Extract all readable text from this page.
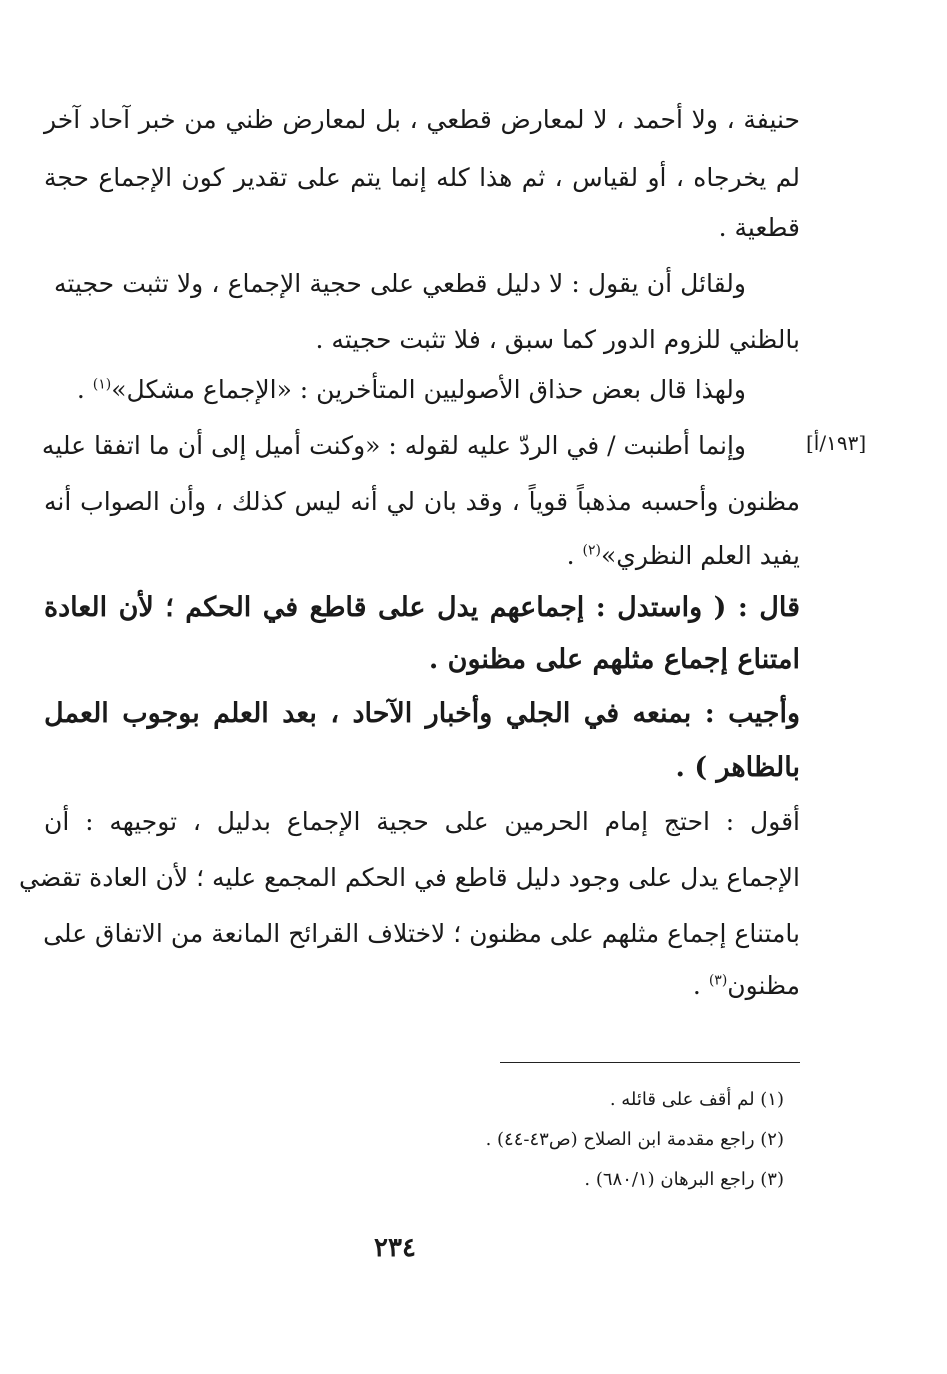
حنيفة ، ولا أحمد ، لا لمعارض قطعي ، بل لمعارض ظني من خبر آحاد آخر
لم يخرجاه ، أو لقياس ، ثم هذا كله إنما يتم على تقدير كون الإجماع حجة
قطعية .
ولقائل أن يقول : لا دليل قطعي على حجية الإجماع ، ولا تثبت حجيته
بالظني للزوم الدور كما سبق ، فلا تثبت حجيته .
ولهذا قال بعض حذاق الأصوليين المتأخرين : «الإجماع مشكل»$^{(١)}$ .
[١٩٣/أ]
وإنما أطنبت / في الردّ عليه لقوله : «وكنت أميل إلى أن ما اتفقا عليه
مظنون وأحسبه مذهباً قوياً ، وقد بان لي أنه ليس كذلك ، وأن الصواب أنه
يفيد العلم النظري»$^{(٢)}$ .
قال : ( واستدل : إجماعهم يدل على قاطع في الحكم ؛ لأن العادة
امتناع إجماع مثلهم على مظنون .
وأجيب : بمنعه في الجلي وأخبار الآحاد ، بعد العلم بوجوب العمل
بالظاهر ) .
أقول : احتج إمام الحرمين على حجية الإجماع بدليل ، توجيهه : أن
الإجماع يدل على وجود دليل قاطع في الحكم المجمع عليه ؛ لأن العادة تقضي
بامتناع إجماع مثلهم على مظنون ؛ لاختلاف القرائح المانعة من الاتفاق على
مظنون$^{(٣)}$ .
(١) لم أقف على قائله .
(٢) راجع مقدمة ابن الصلاح (ص٤٣-٤٤) .
(٣) راجع البرهان (٦٨٠/١) .
٢٣٤
